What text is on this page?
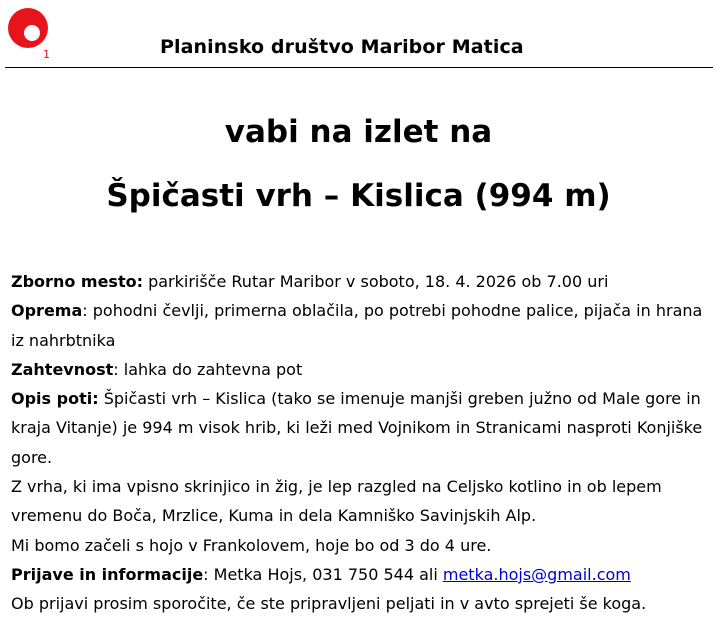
1	Planinsko društvo Maribor Matica
vabi na izlet na
Špičasti vrh – Kislica (994 m)

Zborno mesto: parkirišče Rutar Maribor v soboto, 18. 4. 2026 ob 7.00 uri

Oprema: pohodni čevlji, primerna oblačila, po potrebi pohodne palice, pijača in hrana iz nahrbtnika

Zahtevnost: lahka do zahtevna pot

Opis poti: Špičasti vrh – Kislica (tako se imenuje manjši greben južno od Male gore in kraja Vitanje) je 994 m visok hrib, ki leži med Vojnikom in Stranicami nasproti Konjiške gore.

Z vrha, ki ima vpisno skrinjico in žig, je lep razgled na Celjsko kotlino in ob lepem vremenu do Boča, Mrzlice, Kuma in dela Kamniško Savinjskih Alp.

Mi bomo začeli s hojo v Frankolovem, hoje bo od 3 do 4 ure.

Prijave in informacije: Metka Hojs, 031 750 544 ali metka.hojs@gmail.com

Ob prijavi prosim sporočite, če ste pripravljeni peljati in v avto sprejeti še koga.
